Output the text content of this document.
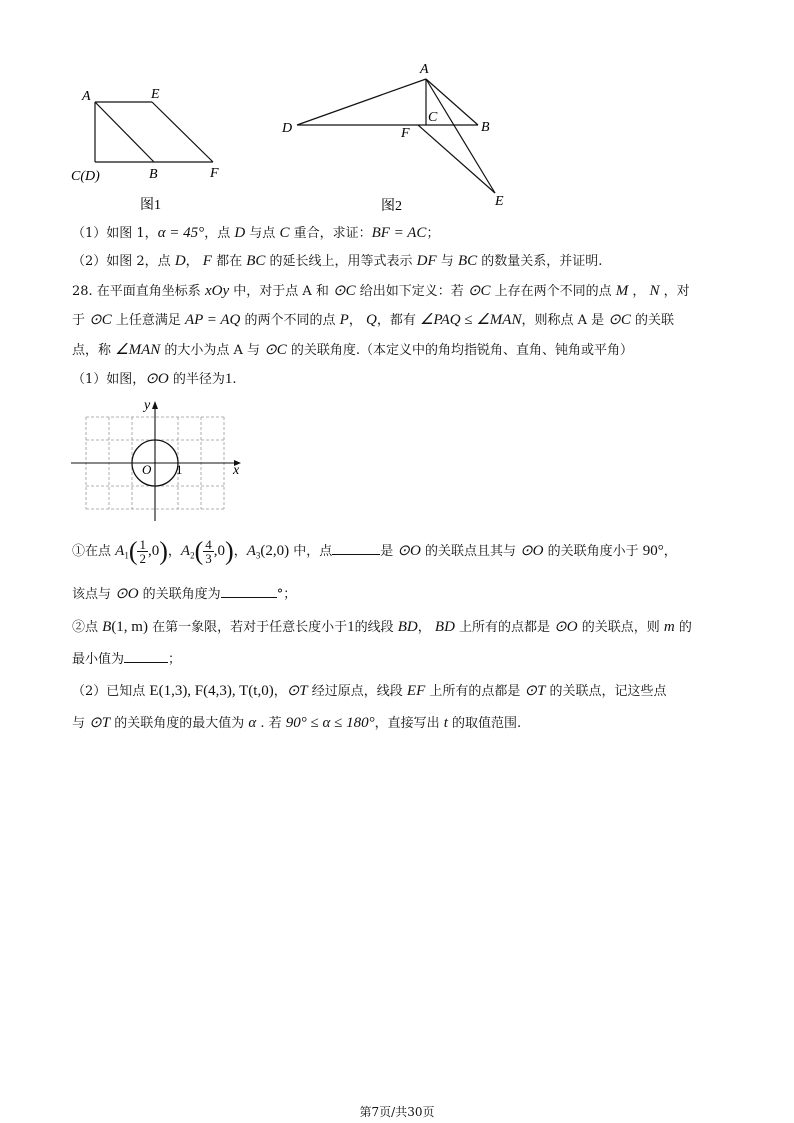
A	E
C(D)	B	F
图1
A
C
D	F	B
E
图2
（1）如图 1，α = 45°，点 D 与点 C 重合，求证：BF = AC；
（2）如图 2，点 D， F 都在 BC 的延长线上，用等式表示 DF 与 BC 的数量关系，并证明.
28. 在平面直角坐标系 xOy 中，对于点 A 和 ⊙C 给出如下定义：若 ⊙C 上存在两个不同的点 M ， N ，对
于 ⊙C 上任意满足 AP = AQ 的两个不同的点 P， Q，都有 ∠PAQ ≤ ∠MAN，则称点 A 是 ⊙C 的关联
点，称 ∠MAN 的大小为点 A 与 ⊙C 的关联角度.（本定义中的角均指锐角、直角、钝角或平角）
（1）如图，⊙O 的半径为1.
y
x
O 1
①在点 $A_1( \frac{1}{2} ,0)$，$A_2( \frac{4}{3} ,0)$，$A_3(2,0)$ 中，点	是 ⊙O 的关联点且其与 ⊙O 的关联角度小于 90°，
该点与 ⊙O 的关联角度为	°；
②点 B(1, m) 在第一象限，若对于任意长度小于1的线段 BD， BD 上所有的点都是 ⊙O 的关联点，则 m 的
最小值为	；
（2）已知点 E(1,3), F(4,3), T(t,0)，⊙T 经过原点，线段 EF 上所有的点都是 ⊙T 的关联点，记这些点
与 ⊙T 的关联角度的最大值为 α . 若 90° ≤ α ≤ 180°，直接写出 t 的取值范围.
第7页/共30页
